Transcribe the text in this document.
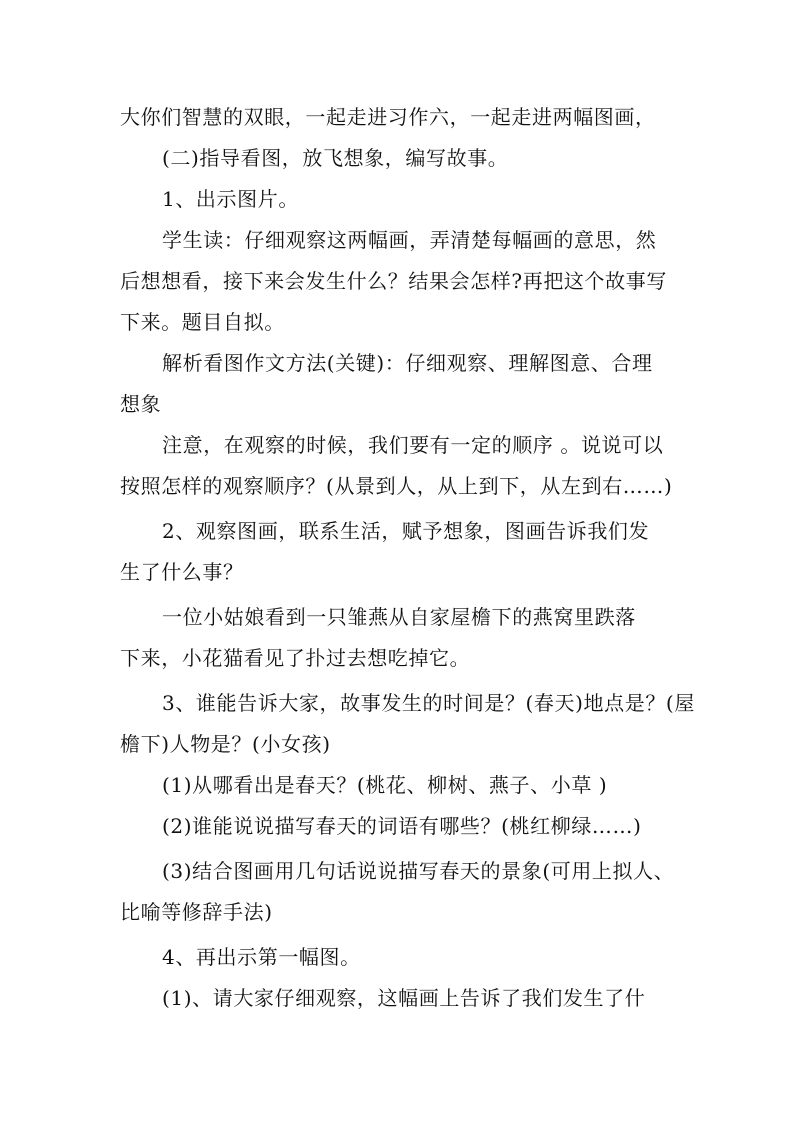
大你们智慧的双眼，一起走进习作六，一起走进两幅图画，
(二)指导看图，放飞想象，编写故事。
1、出示图片。
学生读：仔细观察这两幅画，弄清楚每幅画的意思，然
后想想看，接下来会发生什么？结果会怎样?再把这个故事写
下来。题目自拟。
解析看图作文方法(关键)：仔细观察、理解图意、合理
想象
注意，在观察的时候，我们要有一定的顺序 。说说可以
按照怎样的观察顺序？(从景到人，从上到下，从左到右……)
2、观察图画，联系生活，赋予想象，图画告诉我们发
生了什么事？
一位小姑娘看到一只雏燕从自家屋檐下的燕窝里跌落
下来，小花猫看见了扑过去想吃掉它。
3、谁能告诉大家，故事发生的时间是？(春天)地点是？(屋
檐下)人物是？(小女孩)
(1)从哪看出是春天？(桃花、柳树、燕子、小草 )
(2)谁能说说描写春天的词语有哪些？(桃红柳绿……)
(3)结合图画用几句话说说描写春天的景象(可用上拟人、
比喻等修辞手法)
4、再出示第一幅图。
(1)、请大家仔细观察，这幅画上告诉了我们发生了什
